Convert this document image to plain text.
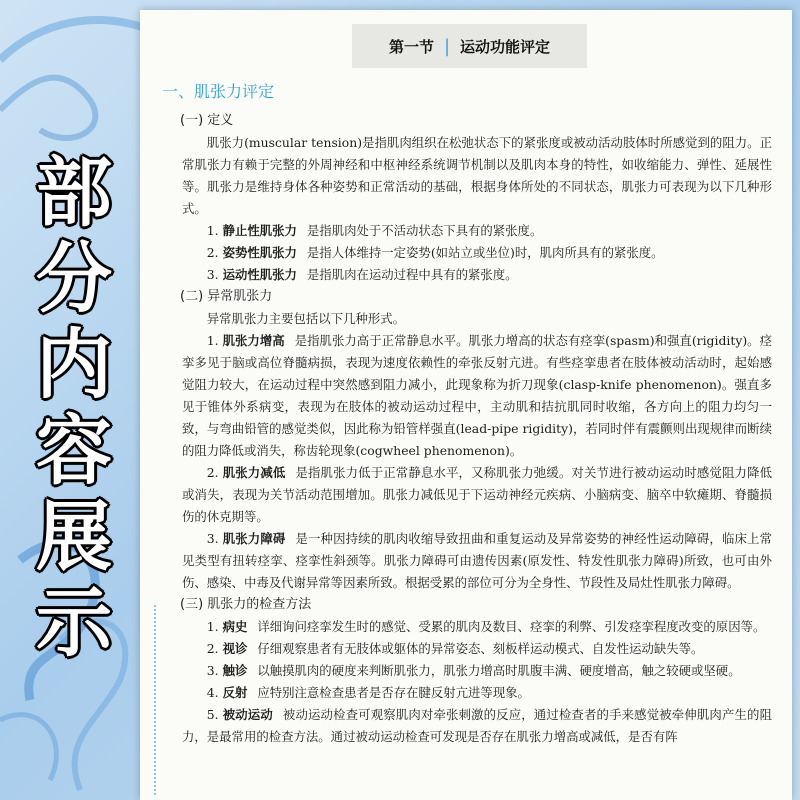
部
分
内
容
展
示
第一节 | 运动功能评定
一、肌张力评定
(一) 定义
肌张力(muscular tension)是指肌肉组织在松弛状态下的紧张度或被动活动肢体时所感觉到的阻力。正常肌张力有赖于完整的外周神经和中枢神经系统调节机制以及肌肉本身的特性，如收缩能力、弹性、延展性等。肌张力是维持身体各种姿势和正常活动的基础，根据身体所处的不同状态，肌张力可表现为以下几种形式。
1. 静止性肌张力 是指肌肉处于不活动状态下具有的紧张度。
2. 姿势性肌张力 是指人体维持一定姿势(如站立或坐位)时，肌肉所具有的紧张度。
3. 运动性肌张力 是指肌肉在运动过程中具有的紧张度。
(二) 异常肌张力
异常肌张力主要包括以下几种形式。
1. 肌张力增高 是指肌张力高于正常静息水平。肌张力增高的状态有痉挛(spasm)和强直(rigidity)。痉挛多见于脑或高位脊髓病损，表现为速度依赖性的牵张反射亢进。有些痉挛患者在肢体被动活动时，起始感觉阻力较大，在运动过程中突然感到阻力减小，此现象称为折刀现象(clasp-knife phenomenon)。强直多见于锥体外系病变，表现为在肢体的被动运动过程中，主动肌和拮抗肌同时收缩，各方向上的阻力均匀一致，与弯曲铅管的感觉类似，因此称为铅管样强直(lead-pipe rigidity)，若同时伴有震颤则出现规律而断续的阻力降低或消失，称齿轮现象(cogwheel phenomenon)。
2. 肌张力减低 是指肌张力低于正常静息水平，又称肌张力弛缓。对关节进行被动运动时感觉阻力降低或消失，表现为关节活动范围增加。肌张力减低见于下运动神经元疾病、小脑病变、脑卒中软瘫期、脊髓损伤的休克期等。
3. 肌张力障碍 是一种因持续的肌肉收缩导致扭曲和重复运动及异常姿势的神经性运动障碍，临床上常见类型有扭转痉挛、痉挛性斜颈等。肌张力障碍可由遗传因素(原发性、特发性肌张力障碍)所致，也可由外伤、感染、中毒及代谢异常等因素所致。根据受累的部位可分为全身性、节段性及局灶性肌张力障碍。
(三) 肌张力的检查方法
1. 病史 详细询问痉挛发生时的感觉、受累的肌肉及数目、痉挛的利弊、引发痉挛程度改变的原因等。
2. 视诊 仔细观察患者有无肢体或躯体的异常姿态、刻板样运动模式、自发性运动缺失等。
3. 触诊 以触摸肌肉的硬度来判断肌张力，肌张力增高时肌腹丰满、硬度增高，触之较硬或坚硬。
4. 反射 应特别注意检查患者是否存在腱反射亢进等现象。
5. 被动运动 被动运动检查可观察肌肉对牵张刺激的反应，通过检查者的手来感觉被牵伸肌肉产生的阻力，是最常用的检查方法。通过被动运动检查可发现是否存在肌张力增高或减低，是否有阵
